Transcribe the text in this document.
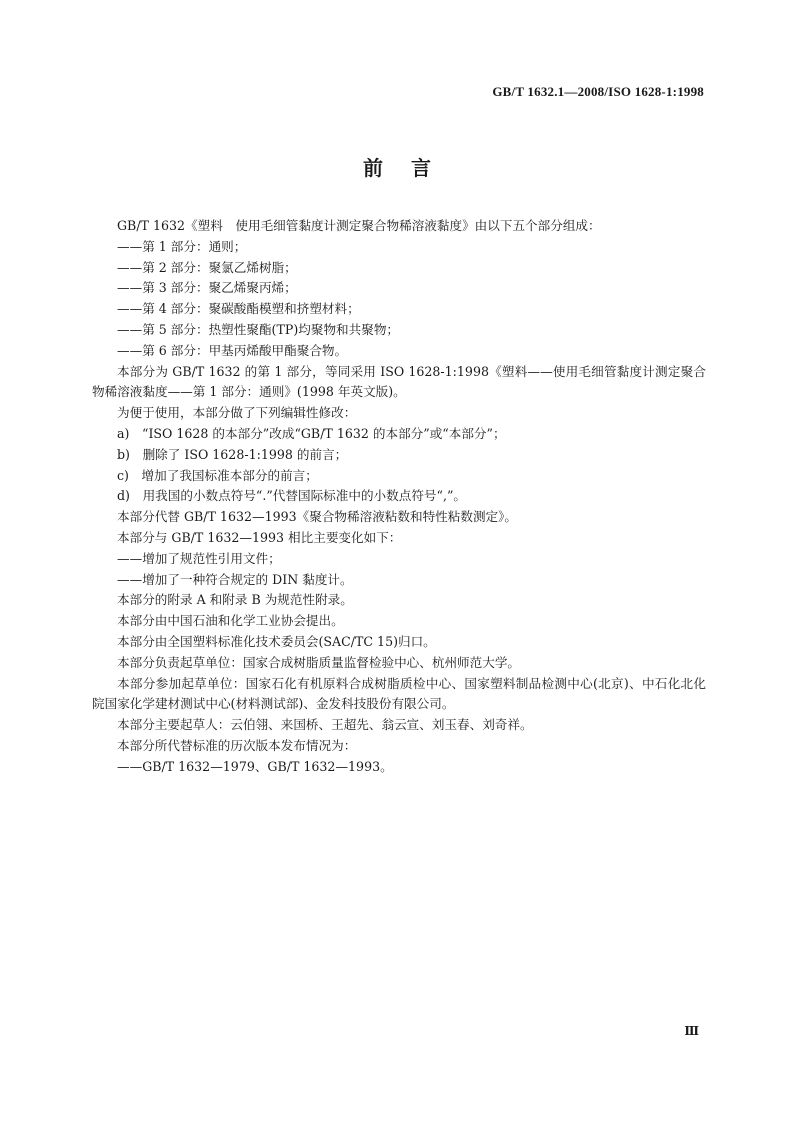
GB/T 1632.1—2008/ISO 1628-1:1998
前言

GB/T 1632《塑料　使用毛细管黏度计测定聚合物稀溶液黏度》由以下五个部分组成：

——第 1 部分：通则；

——第 2 部分：聚氯乙烯树脂；

——第 3 部分：聚乙烯聚丙烯；

——第 4 部分：聚碳酸酯模塑和挤塑材料；

——第 5 部分：热塑性聚酯(TP)均聚物和共聚物；

——第 6 部分：甲基丙烯酸甲酯聚合物。

本部分为 GB/T 1632 的第 1 部分，等同采用 ISO 1628-1:1998《塑料——使用毛细管黏度计测定聚合物稀溶液黏度——第 1 部分：通则》(1998 年英文版)。

为便于使用，本部分做了下列编辑性修改：

a)　“ISO 1628 的本部分”改成“GB/T 1632 的本部分”或“本部分”；

b)　删除了 ISO 1628-1:1998 的前言；

c)　增加了我国标准本部分的前言；

d)　用我国的小数点符号“.”代替国际标准中的小数点符号“,”。

本部分代替 GB/T 1632—1993《聚合物稀溶液粘数和特性粘数测定》。

本部分与 GB/T 1632—1993 相比主要变化如下：

——增加了规范性引用文件；

——增加了一种符合规定的 DIN 黏度计。

本部分的附录 A 和附录 B 为规范性附录。

本部分由中国石油和化学工业协会提出。

本部分由全国塑料标准化技术委员会(SAC/TC 15)归口。

本部分负责起草单位：国家合成树脂质量监督检验中心、杭州师范大学。

本部分参加起草单位：国家石化有机原料合成树脂质检中心、国家塑料制品检测中心(北京)、中石化北化院国家化学建材测试中心(材料测试部)、金发科技股份有限公司。

本部分主要起草人：云伯翎、来国桥、王超先、翁云宣、刘玉春、刘奇祥。

本部分所代替标准的历次版本发布情况为：

——GB/T 1632—1979、GB/T 1632—1993。

Ⅲ
